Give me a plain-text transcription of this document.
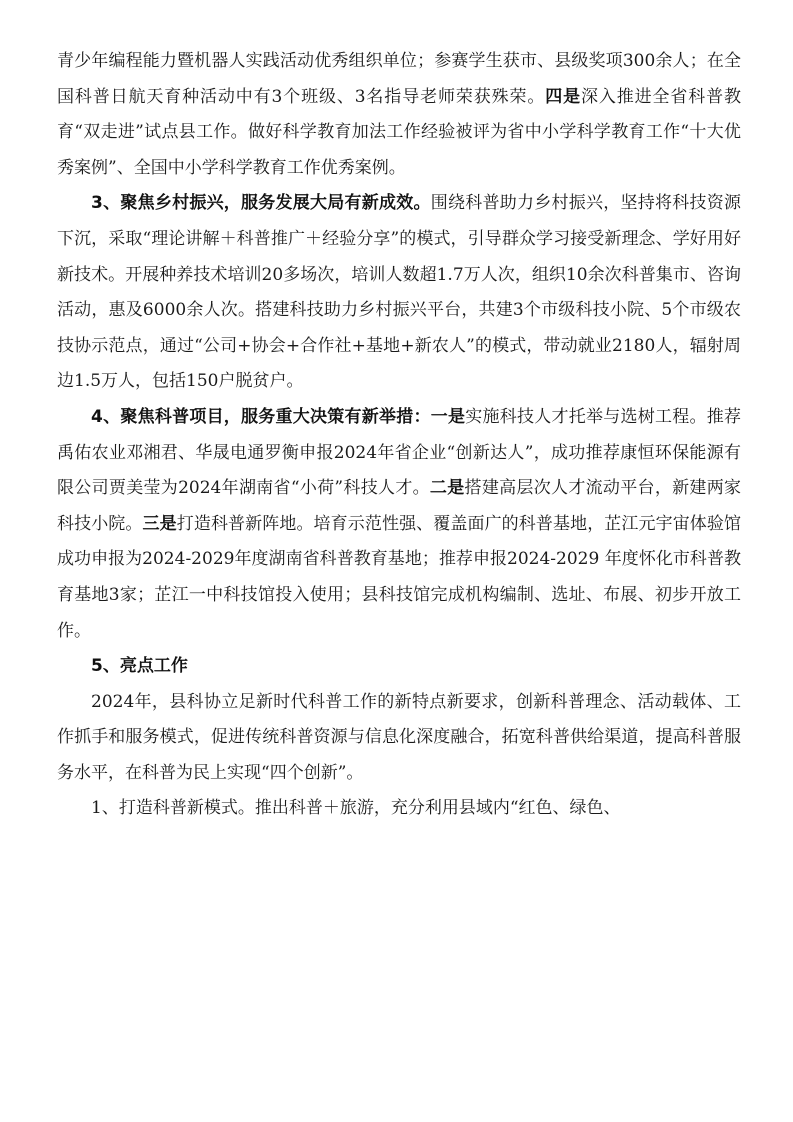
青少年编程能力暨机器人实践活动优秀组织单位；参赛学生获市、县级奖项300余人；在全国科普日航天育种活动中有3个班级、3名指导老师荣获殊荣。四是深入推进全省科普教育“双走进”试点县工作。做好科学教育加法工作经验被评为省中小学科学教育工作“十大优秀案例”、全国中小学科学教育工作优秀案例。

3、聚焦乡村振兴，服务发展大局有新成效。围绕科普助力乡村振兴，坚持将科技资源下沉，采取“理论讲解＋科普推广＋经验分享”的模式，引导群众学习接受新理念、学好用好新技术。开展种养技术培训20多场次，培训人数超1.7万人次，组织10余次科普集市、咨询活动，惠及6000余人次。搭建科技助力乡村振兴平台，共建3个市级科技小院、5个市级农技协示范点，通过“公司+协会+合作社+基地+新农人”的模式，带动就业2180人，辐射周边1.5万人，包括150户脱贫户。

4、聚焦科普项目，服务重大决策有新举措：一是实施科技人才托举与选树工程。推荐禹佑农业邓湘君、华晟电通罗衡申报2024年省企业“创新达人”，成功推荐康恒环保能源有限公司贾美莹为2024年湖南省“小荷”科技人才。二是搭建高层次人才流动平台，新建两家科技小院。三是打造科普新阵地。培育示范性强、覆盖面广的科普基地，芷江元宇宙体验馆成功申报为2024-2029年度湖南省科普教育基地；推荐申报2024-2029 年度怀化市科普教育基地3家；芷江一中科技馆投入使用；县科技馆完成机构编制、选址、布展、初步开放工作。

5、亮点工作

2024年，县科协立足新时代科普工作的新特点新要求，创新科普理念、活动载体、工作抓手和服务模式，促进传统科普资源与信息化深度融合，拓宽科普供给渠道，提高科普服务水平，在科普为民上实现“四个创新”。

1、打造科普新模式。推出科普＋旅游，充分利用县域内“红色、绿色、
